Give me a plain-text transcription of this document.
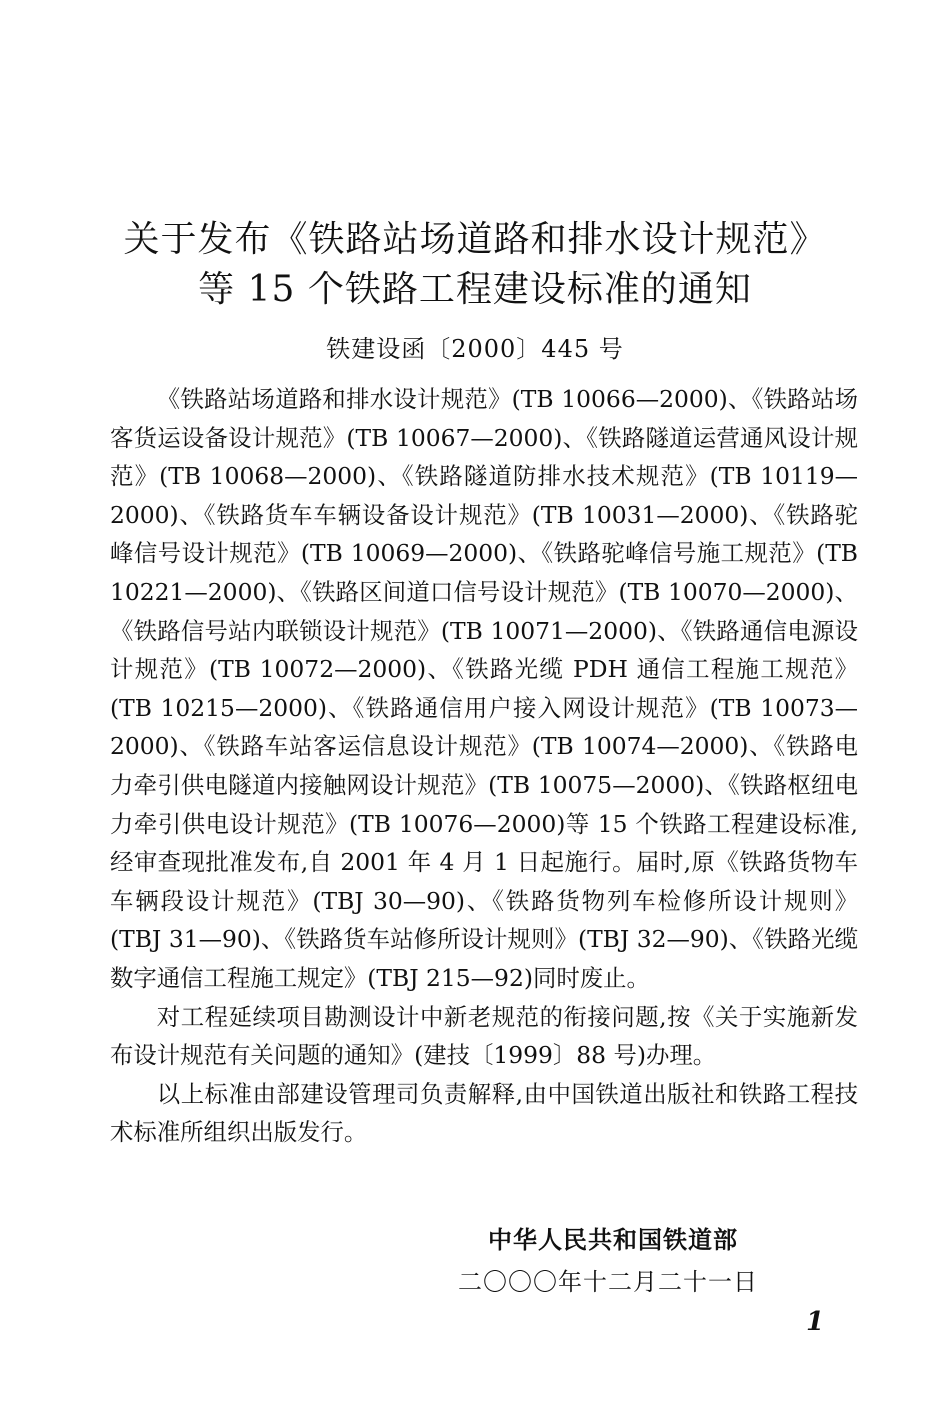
关于发布《铁路站场道路和排水设计规范》
等 15 个铁路工程建设标准的通知
铁建设函〔2000〕445 号

《铁路站场道路和排水设计规范》(TB 10066—2000)、《铁路站场客货运设备设计规范》(TB 10067—2000)、《铁路隧道运营通风设计规范》(TB 10068—2000)、《铁路隧道防排水技术规范》(TB 10119—2000)、《铁路货车车辆设备设计规范》(TB 10031—2000)、《铁路驼峰信号设计规范》(TB 10069—2000)、《铁路驼峰信号施工规范》(TB 10221—2000)、《铁路区间道口信号设计规范》(TB 10070—2000)、《铁路信号站内联锁设计规范》(TB 10071—2000)、《铁路通信电源设计规范》(TB 10072—2000)、《铁路光缆 PDH 通信工程施工规范》(TB 10215—2000)、《铁路通信用户接入网设计规范》(TB 10073—2000)、《铁路车站客运信息设计规范》(TB 10074—2000)、《铁路电力牵引供电隧道内接触网设计规范》(TB 10075—2000)、《铁路枢纽电力牵引供电设计规范》(TB 10076—2000)等 15 个铁路工程建设标准,经审查现批准发布,自 2001 年 4 月 1 日起施行。届时,原《铁路货物车车辆段设计规范》(TBJ 30—90)、《铁路货物列车检修所设计规则》(TBJ 31—90)、《铁路货车站修所设计规则》(TBJ 32—90)、《铁路光缆数字通信工程施工规定》(TBJ 215—92)同时废止。

对工程延续项目勘测设计中新老规范的衔接问题,按《关于实施新发布设计规范有关问题的通知》(建技〔1999〕88 号)办理。

以上标准由部建设管理司负责解释,由中国铁道出版社和铁路工程技术标准所组织出版发行。

中华人民共和国铁道部
二〇〇〇年十二月二十一日
1
